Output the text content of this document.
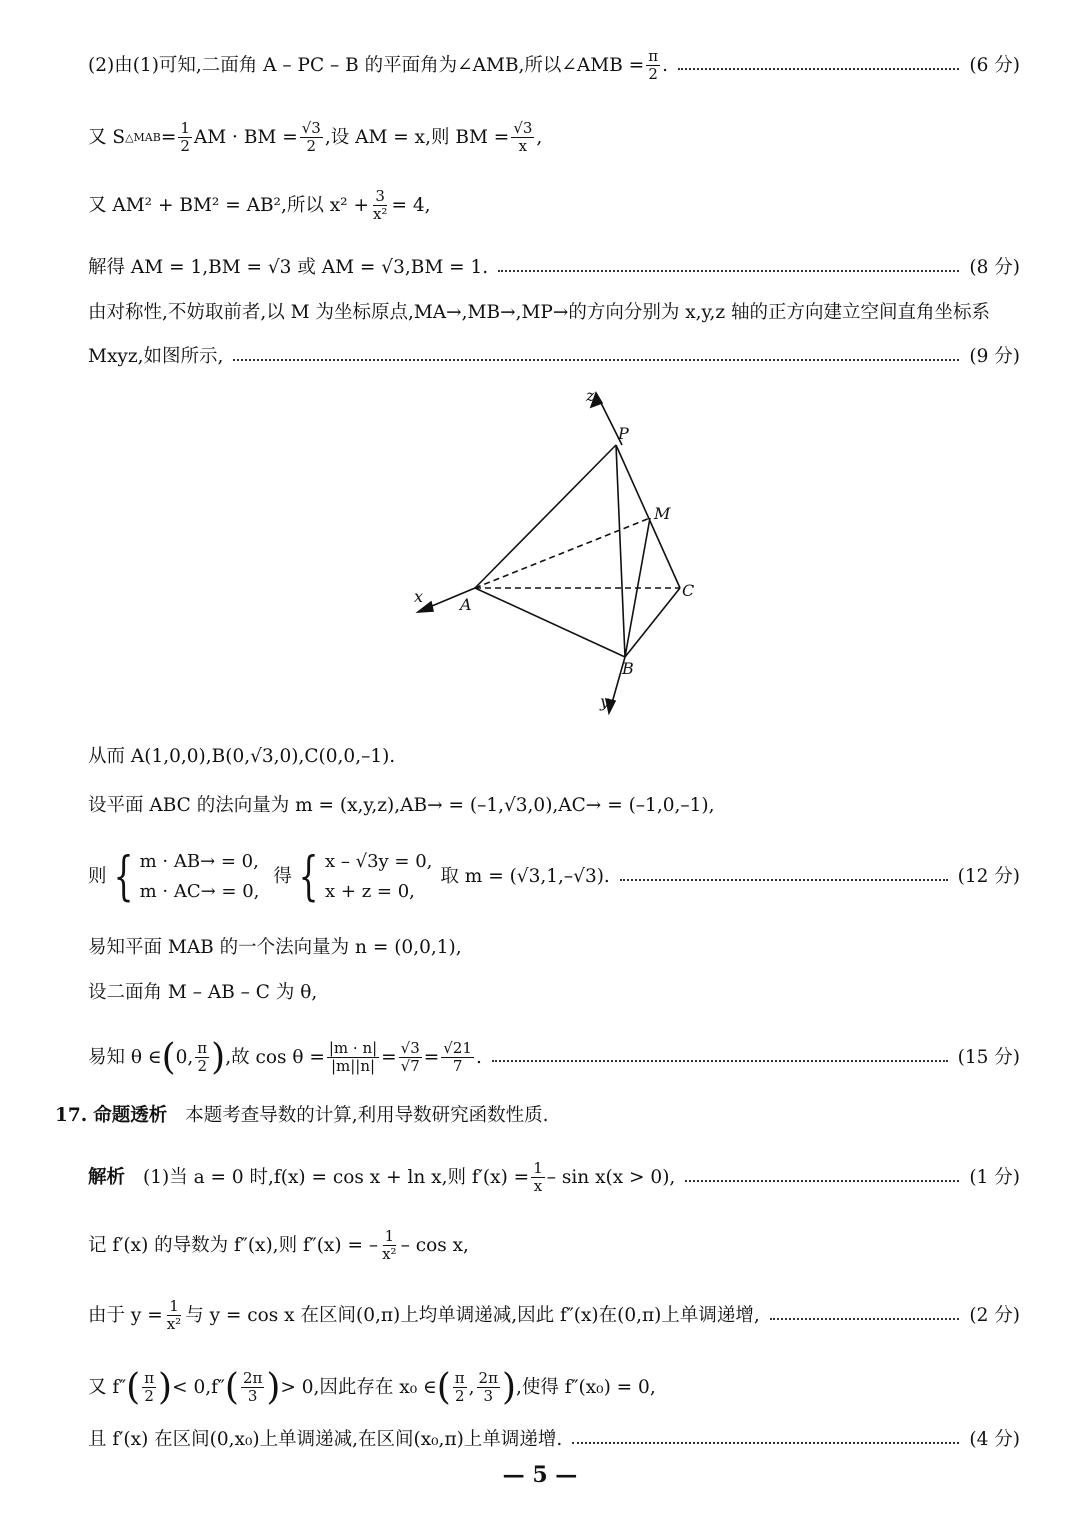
(2)由(1)可知,二面角 A – PC – B 的平面角为∠AMB,所以∠AMB = $\frac{\pi}{2}$ .	(6 分)
又 S △MAB = $\frac{1}{2}$ AM · BM = $\frac{√3}{2}$ ,设 AM = x,则 BM = $\frac{√3}{x}$ ,
又 AM² + BM² = AB²,所以 $x^2 + \frac{3}{\text{x²}} = 4$,
解得 AM = 1,BM = √3 或 AM = √3,BM = 1.	(8 分)
由对称性,不妨取前者,以 M 为坐标原点,MA→,MB→,MP→的方向分别为 x,y,z 轴的正方向建立空间直角坐标系
Mxyz,如图所示,	(9 分)
z
P
M
x A
C
B
y
从而 A(1,0,0),B(0,√3,0),C(0,0,–1).
设平面 ABC 的法向量为 m = (x,y,z),AB→ = (–1,√3,0),AC→ = (–1,0,–1),
则 { m · AB→ = 0,
m · AC→ = 0,
得 { x – √3y = 0,
x + z = 0,
取 m = (√3,1,–√3).	(12 分)
易知平面 MAB 的一个法向量为 n = (0,0,1),
设二面角 M – AB – C 为 θ,
易知 θ ∈ ( 0, $\frac{\pi}{2}$ ) ,故 $\cos \theta = \frac{|m \cdot n|}{|m||n|} = \frac{√3}{√7} = \frac{√21}{7}$ .	(15 分)
17. 命题透析 本题考查导数的计算,利用导数研究函数性质.
解析 (1)当 a = 0 时,f(x) = cos x + ln x,则 $f'(x) = \frac{1}{x} - \sin x(x > 0)$,	(1 分)
记 f′(x) 的导数为 f″(x),则 f″(x) = – $\frac{1}{\text{x²}}$ – cos x,
由于 $y = \frac{1}{\text{x²}}$ 与 y = cos x 在区间(0,π)上均单调递减,因此 f″(x)在(0,π)上单调递增,	(2 分)
又 f″ ( $\frac{\pi}{2}$ ) < 0,f″ ( $\frac{2\pi}{3}$ ) > 0,因此存在 x₀ ∈ ( $\frac{\pi}{2}$ , $\frac{2\pi}{3}$ ) ,使得 f″(x₀) = 0,
且 f′(x) 在区间(0,x₀)上单调递减,在区间(x₀,π)上单调递增.	(4 分)
— 5 —
